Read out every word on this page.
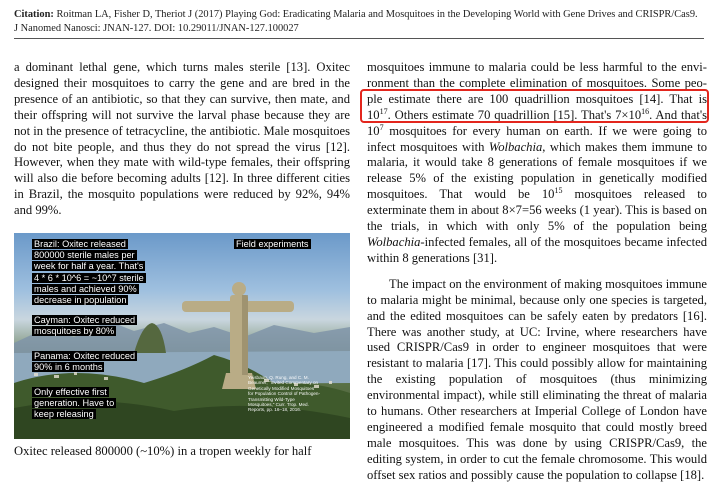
Citation: Roitman LA, Fisher D, Theriot J (2017) Playing God: Eradicating Malaria and Mosquitoes in the Developing World with Gene Drives and CRISPR/Cas9. J Nanomed Nanosci: JNAN-127. DOI: 10.29011/JNAN-127.100027

a dominant lethal gene, which turns males sterile [13]. Oxitec designed their mosquitoes to carry the gene and are bred in the presence of an antibiotic, so that they can survive, then mate, and their offspring will not survive the larval phase because they are not in the presence of tetracycline, the antibiotic. Male mosquitoes do not bite people, and thus they do not spread the virus [12]. However, when they mate with wild-type females, their offspring will also die before becoming adults [12]. In three different cities in Brazil, the mosquito populations were reduced by 92%, 94% and 99%.

Brazil: Oxitec released 800000 sterile males per week for half a year. That's 4 * 6 * 10^6 = ~10^7 sterile males and achieved 90% decrease in population
Field experiments
Cayman: Oxitec reduced mosquitoes by 80%
Panama: Oxitec reduced 90% in 6 months
Only effective first generation. Have to keep releasing
Yeisbaug, Q. Rung, and C. M. Beaumer, "Invited Commentary on Genetically Modified Mosquitoes for Population Control of Pathogen-Transmitting Wild-Type Mosquitoes," Curr. Trop. Med. Reports, pp. 16–18, 2016.
Oxitec released 800000 (~10%) in a tropen weekly for half

mosquitoes immune to malaria could be less harmful to the envi- ronment than the complete elimination of mosquitoes. Some peo- ple estimate there are 100 quadrillion mosquitoes [14]. That is $10^{17}$. Others estimate 70 quadrillion [15]. That's $7\times 10^{16}$. And that's $10^7$ mosquitoes for every human on earth. If we were going to infect mosquitoes with Wolbachia, which makes them immune to malaria, it would take 8 generations of female mosquitoes if we release 5% of the existing population in genetically modified mosquitoes. That would be $10^{15}$ mosquitoes released to exterminate them in about 8×7=56 weeks (1 year). This is based on the trials, in which with only 5% of the population being Wolbachia-infected females, all of the mosquitoes became infected within 8 generations [31].

The impact on the environment of making mosquitoes immune to malaria might be minimal, because only one species is targeted, and the edited mosquitoes can be safely eaten by predators [16]. There was another study, at UC: Irvine, where researchers have used CRISPR/Cas9 in order to engineer mosquitoes that were resistant to malaria [17]. This could possibly allow for maintaining the existing population of mosquitoes (thus minimizing environmental impact), while still eliminating the threat of malaria to humans. Other researchers at Imperial College of London have engineered a modified female mosquito that could mostly breed male mosquitoes. This was done by using CRISPR/Cas9, the editing system, in order to cut the female chromosome. This would offset sex ratios and possibly cause the population to collapse [18].
